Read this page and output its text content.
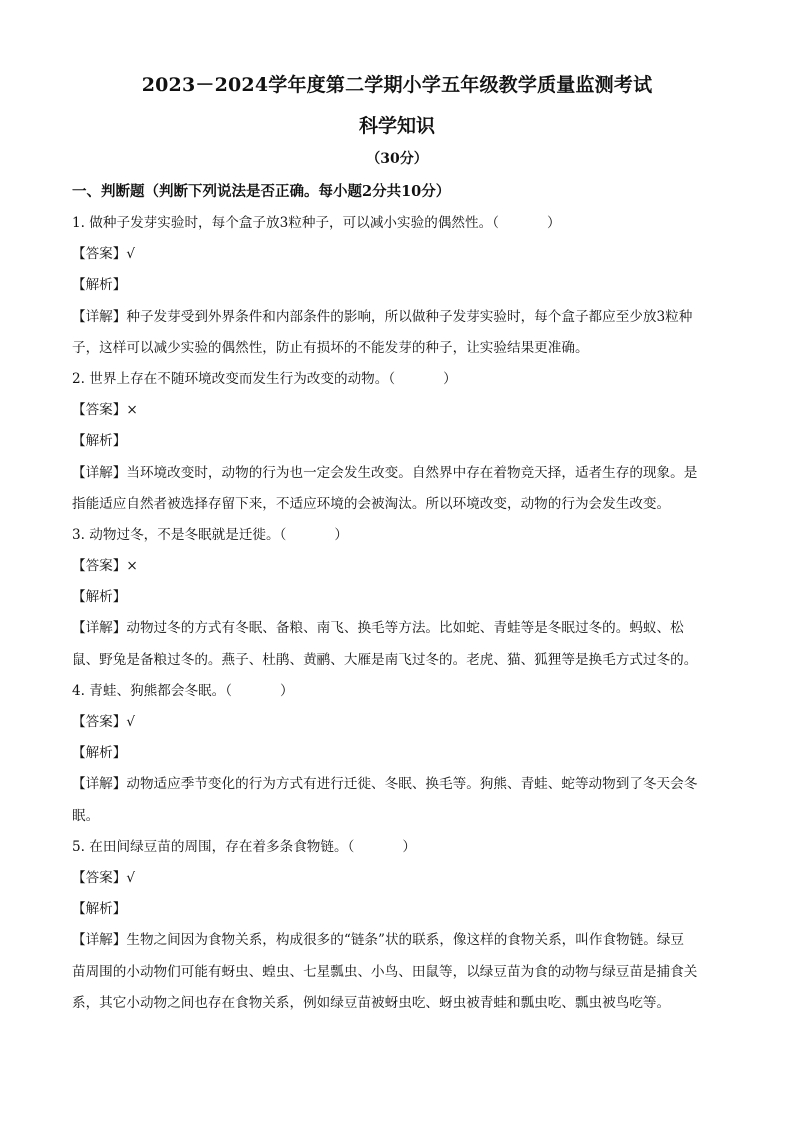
2023－2024学年度第二学期小学五年级教学质量监测考试
科学知识
（30分）
一、判断题（判断下列说法是否正确。每小题2分共10分）
1. 做种子发芽实验时，每个盒子放3粒种子，可以减小实验的偶然性。（	）
【答案】√
【解析】
【详解】种子发芽受到外界条件和内部条件的影响，所以做种子发芽实验时，每个盒子都应至少放3粒种
子，这样可以减少实验的偶然性，防止有损坏的不能发芽的种子，让实验结果更准确。
2. 世界上存在不随环境改变而发生行为改变的动物。（	）
【答案】×
【解析】
【详解】当环境改变时，动物的行为也一定会发生改变。自然界中存在着物竞天择，适者生存的现象。是
指能适应自然者被选择存留下来，不适应环境的会被淘汰。所以环境改变，动物的行为会发生改变。
3. 动物过冬，不是冬眠就是迁徙。（	）
【答案】×
【解析】
【详解】动物过冬的方式有冬眠、备粮、南飞、换毛等方法。比如蛇、青蛙等是冬眠过冬的。蚂蚁、松
鼠、野兔是备粮过冬的。燕子、杜鹃、黄鹂、大雁是南飞过冬的。老虎、猫、狐狸等是换毛方式过冬的。
4. 青蛙、狗熊都会冬眠。（	）
【答案】√
【解析】
【详解】动物适应季节变化的行为方式有进行迁徙、冬眠、换毛等。狗熊、青蛙、蛇等动物到了冬天会冬
眠。
5. 在田间绿豆苗的周围，存在着多条食物链。（	）
【答案】√
【解析】
【详解】生物之间因为食物关系，构成很多的“链条”状的联系，像这样的食物关系，叫作食物链。绿豆
苗周围的小动物们可能有蚜虫、蝗虫、七星瓢虫、小鸟、田鼠等，以绿豆苗为食的动物与绿豆苗是捕食关
系，其它小动物之间也存在食物关系，例如绿豆苗被蚜虫吃、蚜虫被青蛙和瓢虫吃、瓢虫被鸟吃等。
